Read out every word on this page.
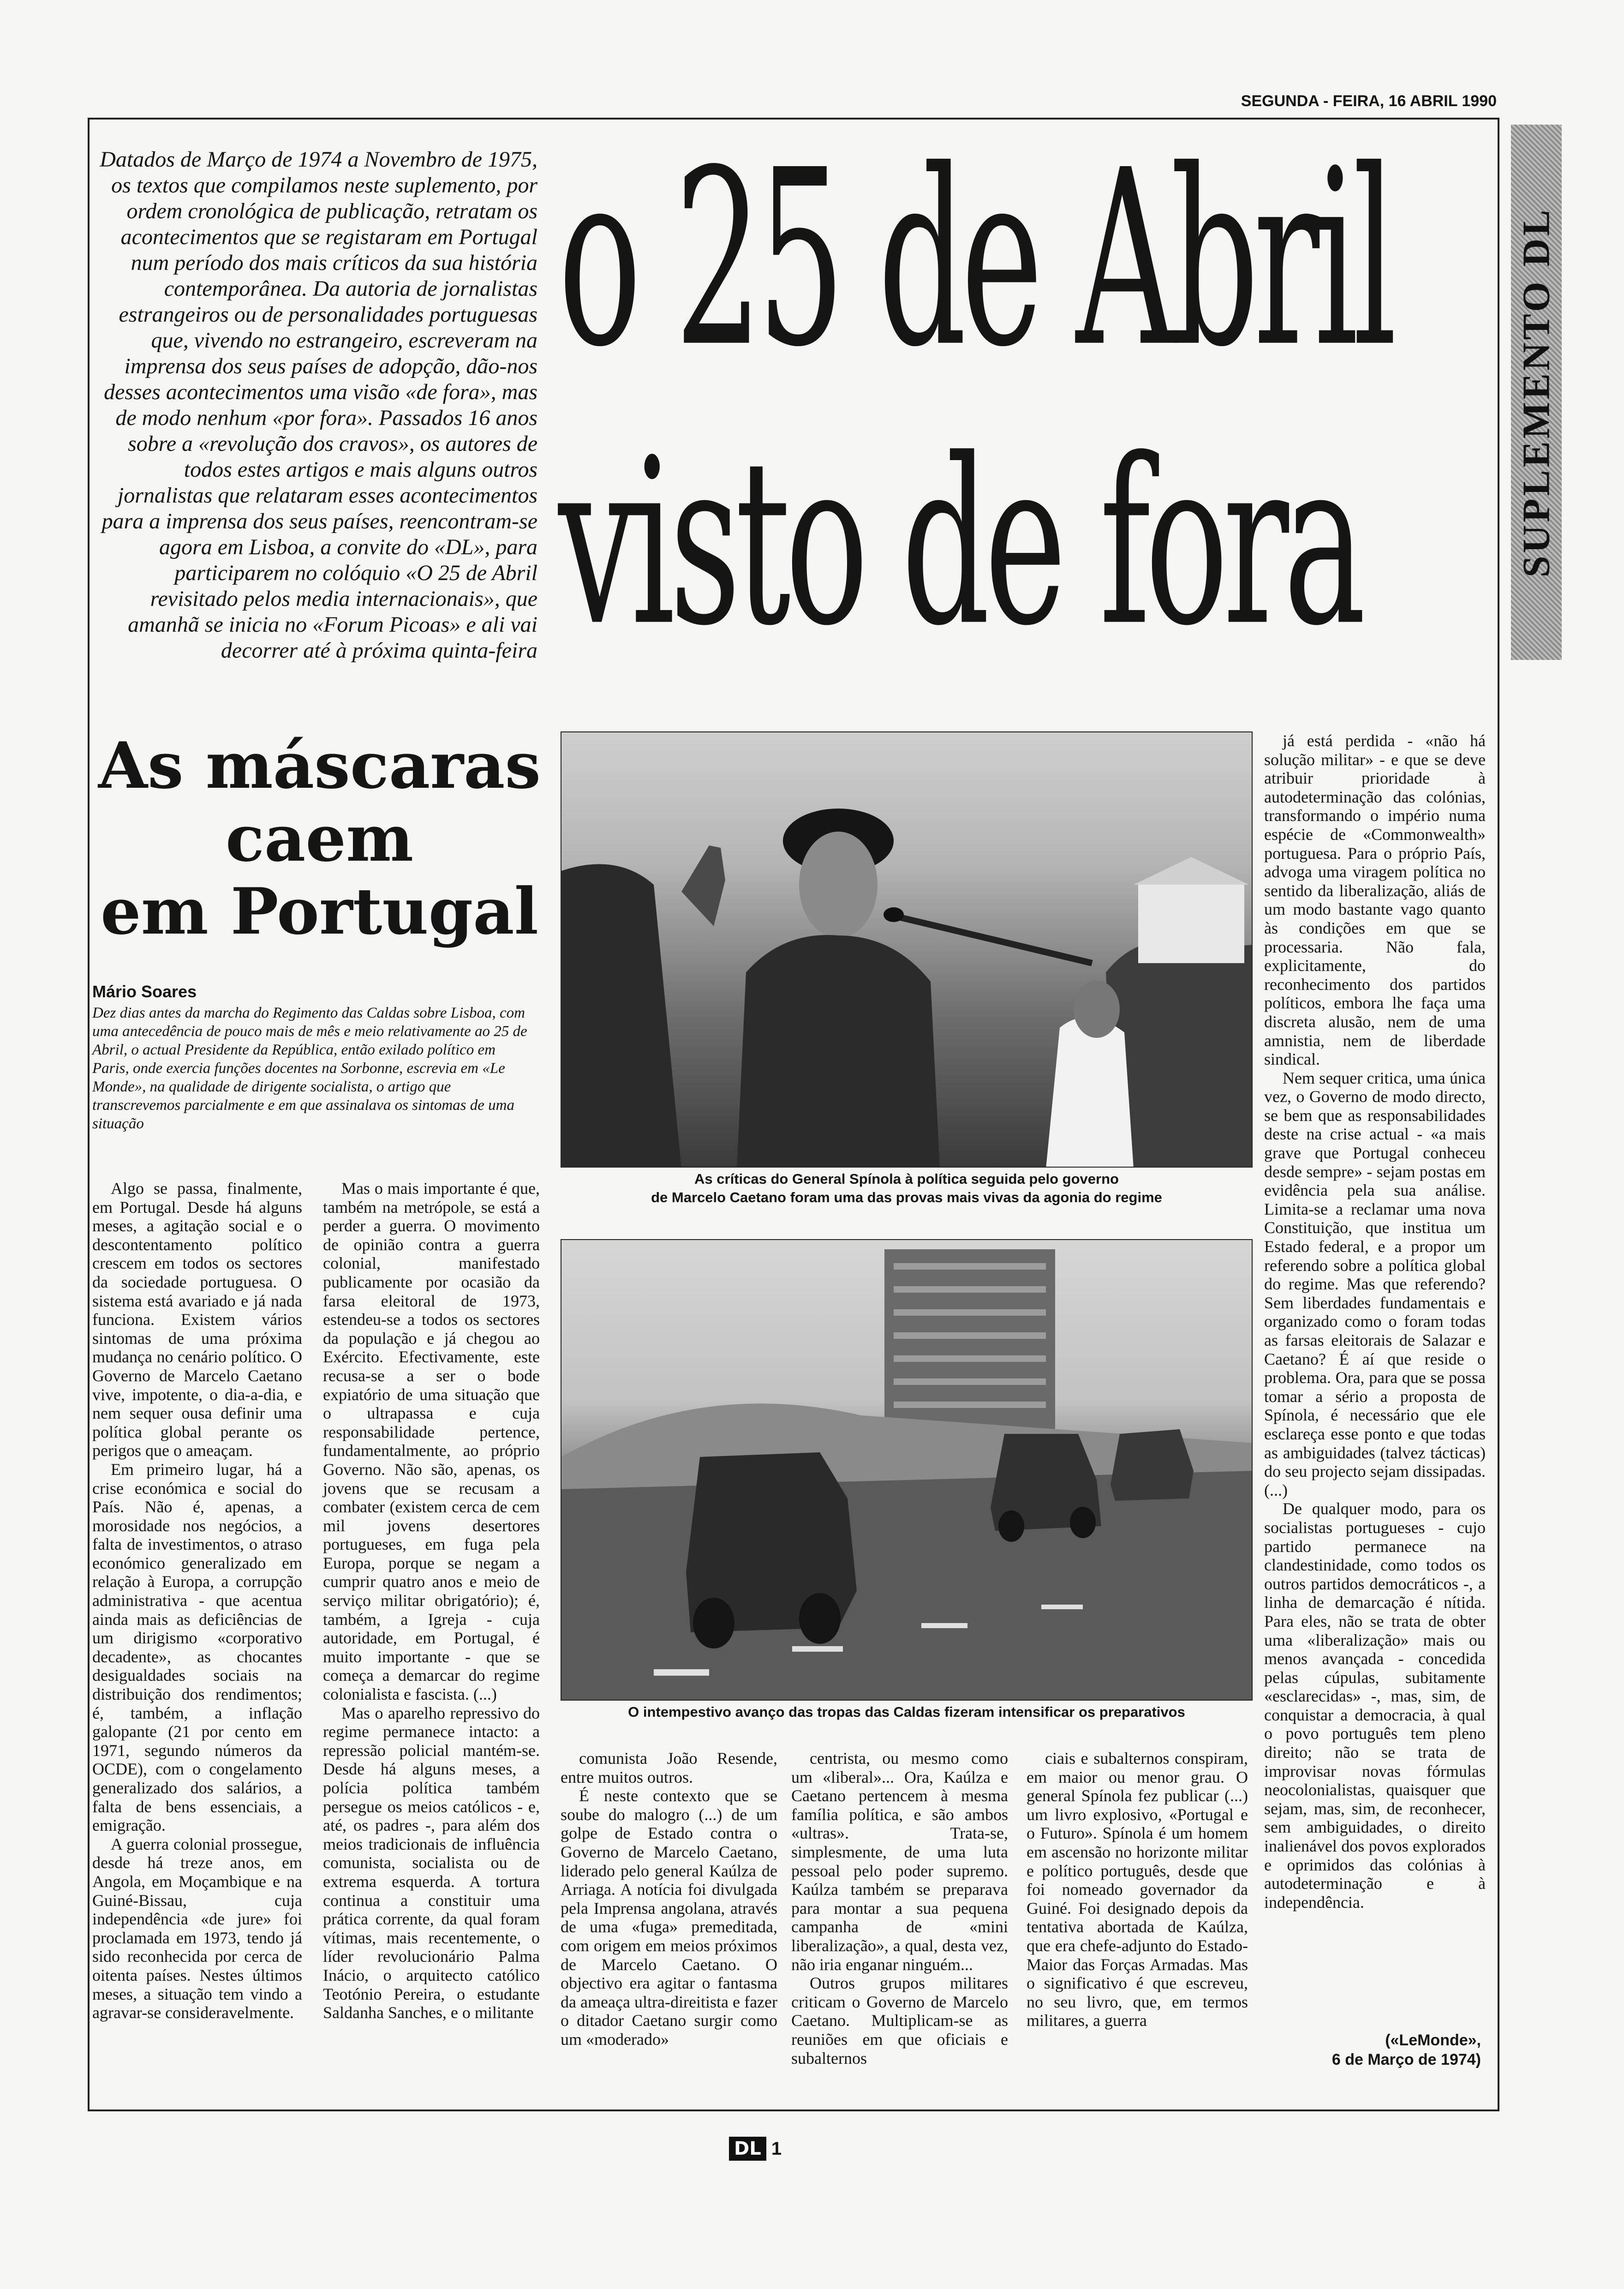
SEGUNDA - FEIRA, 16 ABRIL 1990
Datados de Março de 1974 a Novembro de 1975, os textos que compilamos neste suplemento, por ordem cronológica de publicação, retratam os acontecimentos que se registaram em Portugal num período dos mais críticos da sua história contemporânea. Da autoria de jornalistas estrangeiros ou de personalidades portuguesas que, vivendo no estrangeiro, escreveram na imprensa dos seus países de adopção, dão-nos desses acontecimentos uma visão «de fora», mas de modo nenhum «por fora». Passados 16 anos sobre a «revolução dos cravos», os autores de todos estes artigos e mais alguns outros jornalistas que relataram esses acontecimentos para a imprensa dos seus países, reencontram-se agora em Lisboa, a convite do «DL», para participarem no colóquio «O 25 de Abril revisitado pelos media internacionais», que amanhã se inicia no «Forum Picoas» e ali vai decorrer até à próxima quinta-feira
o 25 de Abril
visto de fora	SUPLEMENTO DL
As máscaras
caem
em Portugal
Mário Soares
Dez dias antes da marcha do Regimento das Caldas sobre Lisboa, com uma antecedência de pouco mais de mês e meio relativamente ao 25 de Abril, o actual Presidente da República, então exilado político em Paris, onde exercia funções docentes na Sorbonne, escrevia em «Le Monde», na qualidade de dirigente socialista, o artigo que transcrevemos parcialmente e em que assinalava os sintomas de uma situação

Algo se passa, finalmente, em Portugal. Desde há alguns meses, a agitação social e o descontentamento político crescem em todos os sectores da sociedade portuguesa. O sistema está avariado e já nada funciona. Existem vários sintomas de uma próxima mudança no cenário político. O Governo de Marcelo Caetano vive, impotente, o dia-a-dia, e nem sequer ousa definir uma política global perante os perigos que o ameaçam.

Em primeiro lugar, há a crise económica e social do País. Não é, apenas, a morosidade nos negócios, a falta de investimentos, o atraso económico generalizado em relação à Europa, a corrupção administrativa - que acentua ainda mais as deficiências de um dirigismo «corporativo decadente», as chocantes desigualdades sociais na distribuição dos rendimentos; é, também, a inflação galopante (21 por cento em 1971, segundo números da OCDE), com o congelamento generalizado dos salários, a falta de bens essenciais, a emigração.

A guerra colonial prossegue, desde há treze anos, em Angola, em Moçambique e na Guiné-Bissau, cuja independência «de jure» foi proclamada em 1973, tendo já sido reconhecida por cerca de oitenta países. Nestes últimos meses, a situação tem vindo a agravar-se consideravelmente.

Mas o mais importante é que, também na metrópole, se está a perder a guerra. O movimento de opinião contra a guerra colonial, manifestado publicamente por ocasião da farsa eleitoral de 1973, estendeu-se a todos os sectores da população e já chegou ao Exército. Efectivamente, este recusa-se a ser o bode expiatório de uma situação que o ultrapassa e cuja responsabilidade pertence, fundamentalmente, ao próprio Governo. Não são, apenas, os jovens que se recusam a combater (existem cerca de cem mil jovens desertores portugueses, em fuga pela Europa, porque se negam a cumprir quatro anos e meio de serviço militar obrigatório); é, também, a Igreja - cuja autoridade, em Portugal, é muito importante - que se começa a demarcar do regime colonialista e fascista. (...)

Mas o aparelho repressivo do regime permanece intacto: a repressão policial mantém-se. Desde há alguns meses, a polícia política também persegue os meios católicos - e, até, os padres -, para além dos meios tradicionais de influência comunista, socialista ou de extrema esquerda. A tortura continua a constituir uma prática corrente, da qual foram vítimas, mais recentemente, o líder revolucionário Palma Inácio, o arquitecto católico Teotónio Pereira, o estudante Saldanha Sanches, e o militante

comunista João Resende, entre muitos outros.

É neste contexto que se soube do malogro (...) de um golpe de Estado contra o Governo de Marcelo Caetano, liderado pelo general Kaúlza de Arriaga. A notícia foi divulgada pela Imprensa angolana, através de uma «fuga» premeditada, com origem em meios próximos de Marcelo Caetano. O objectivo era agitar o fantasma da ameaça ultra-direitista e fazer o ditador Caetano surgir como um «moderado»

centrista, ou mesmo como um «liberal»... Ora, Kaúlza e Caetano pertencem à mesma família política, e são ambos «ultras». Trata-se, simplesmente, de uma luta pessoal pelo poder supremo. Kaúlza também se preparava para montar a sua pequena campanha de «mini liberalização», a qual, desta vez, não iria enganar ninguém...

Outros grupos militares criticam o Governo de Marcelo Caetano. Multiplicam-se as reuniões em que oficiais e subalternos

ciais e subalternos conspiram, em maior ou menor grau. O general Spínola fez publicar (...) um livro explosivo, «Portugal e o Futuro». Spínola é um homem em ascensão no horizonte militar e político português, desde que foi nomeado governador da Guiné. Foi designado depois da tentativa abortada de Kaúlza, que era chefe-adjunto do Estado-Maior das Forças Armadas. Mas o significativo é que escreveu, no seu livro, que, em termos militares, a guerra

já está perdida - «não há solução militar» - e que se deve atribuir prioridade à autodeterminação das colónias, transformando o império numa espécie de «Commonwealth» portuguesa. Para o próprio País, advoga uma viragem política no sentido da liberalização, aliás de um modo bastante vago quanto às condições em que se processaria. Não fala, explicitamente, do reconhecimento dos partidos políticos, embora lhe faça uma discreta alusão, nem de uma amnistia, nem de liberdade sindical.

Nem sequer critica, uma única vez, o Governo de modo directo, se bem que as responsabilidades deste na crise actual - «a mais grave que Portugal conheceu desde sempre» - sejam postas em evidência pela sua análise. Limita-se a reclamar uma nova Constituição, que institua um Estado federal, e a propor um referendo sobre a política global do regime. Mas que referendo? Sem liberdades fundamentais e organizado como o foram todas as farsas eleitorais de Salazar e Caetano? É aí que reside o problema. Ora, para que se possa tomar a sério a proposta de Spínola, é necessário que ele esclareça esse ponto e que todas as ambiguidades (talvez tácticas) do seu projecto sejam dissipadas.(...)

De qualquer modo, para os socialistas portugueses - cujo partido permanece na clandestinidade, como todos os outros partidos democráticos -, a linha de demarcação é nítida. Para eles, não se trata de obter uma «liberalização» mais ou menos avançada - concedida pelas cúpulas, subitamente «esclarecidas» -, mas, sim, de conquistar a democracia, à qual o povo português tem pleno direito; não se trata de improvisar novas fórmulas neocolonialistas, quaisquer que sejam, mas, sim, de reconhecer, sem ambiguidades, o direito inalienável dos povos explorados e oprimidos das colónias à autodeterminação e à independência.

(«LeMonde»,
6 de Março de 1974)
As críticas do General Spínola à política seguida pelo governo
de Marcelo Caetano foram uma das provas mais vivas da agonia do regime
O intempestivo avanço das tropas das Caldas fizeram intensificar os preparativos
DL 1
